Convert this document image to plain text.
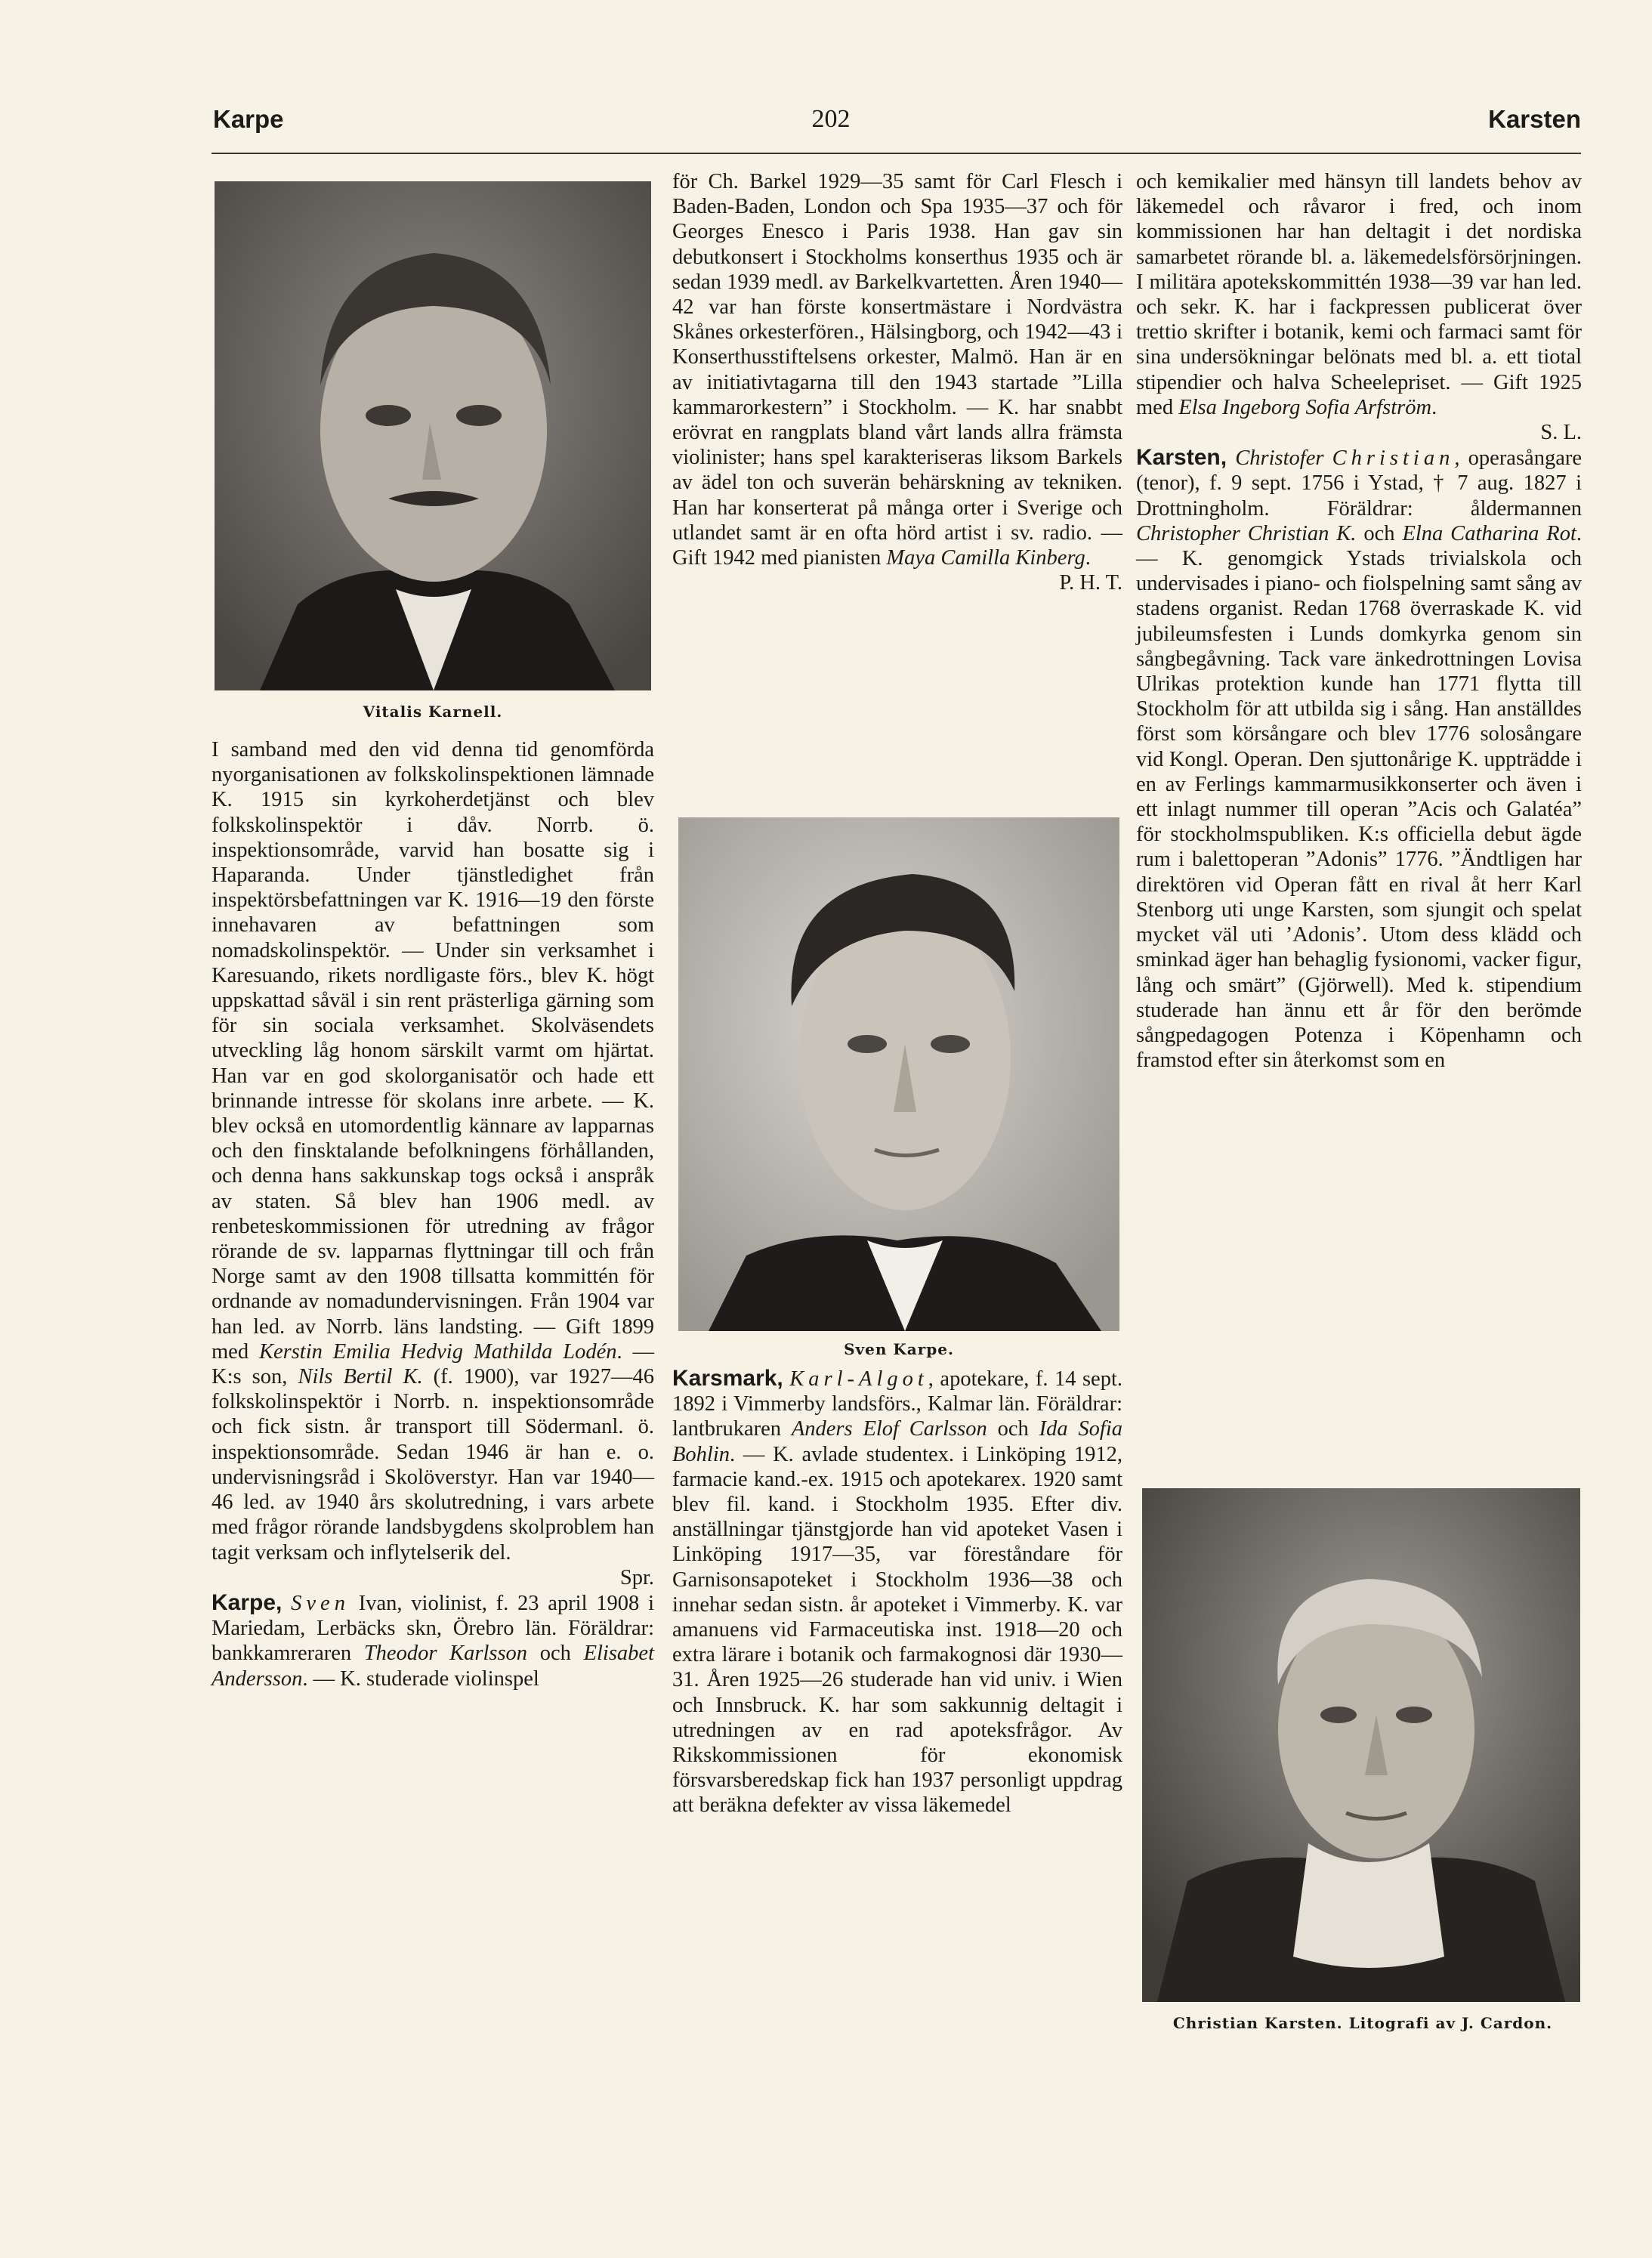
Karpe	202	Karsten
Vitalis Karnell.

I samband med den vid denna tid genomförda nyorganisationen av folkskolinspektionen lämnade K. 1915 sin kyrkoherdetjänst och blev folkskolinspektör i dåv. Norrb. ö. inspektionsområde, varvid han bosatte sig i Haparanda. Under tjänstledighet från inspektörsbefattningen var K. 1916—19 den förste innehavaren av befattningen som nomadskolinspektör. — Under sin verksamhet i Karesuando, rikets nordligaste förs., blev K. högt uppskattad såväl i sin rent prästerliga gärning som för sin sociala verksamhet. Skolväsendets utveckling låg honom särskilt varmt om hjärtat. Han var en god skolorganisatör och hade ett brinnande intresse för skolans inre arbete. — K. blev också en utomordentlig kännare av lapparnas och den finsktalande befolkningens förhållanden, och denna hans sakkunskap togs också i anspråk av staten. Så blev han 1906 medl. av renbeteskommissionen för utredning av frågor rörande de sv. lapparnas flyttningar till och från Norge samt av den 1908 tillsatta kommittén för ordnande av nomadundervisningen. Från 1904 var han led. av Norrb. läns landsting. — Gift 1899 med Kerstin Emilia Hedvig Mathilda Lodén. — K:s son, Nils Bertil K. (f. 1900), var 1927—46 folkskolinspektör i Norrb. n. inspektionsområde och fick sistn. år transport till Södermanl. ö. inspektionsområde. Sedan 1946 är han e. o. undervisningsråd i Skolöverstyr. Han var 1940—46 led. av 1940 års skolutredning, i vars arbete med frågor rörande landsbygdens skolproblem han tagit verksam och inflytelserik del.
Spr.

Karpe, Sven Ivan, violinist, f. 23 april 1908 i Mariedam, Lerbäcks skn, Örebro län. Föräldrar: bankkamreraren Theodor Karlsson och Elisabet Andersson. — K. studerade violinspel

för Ch. Barkel 1929—35 samt för Carl Flesch i Baden-Baden, London och Spa 1935—37 och för Georges Enesco i Paris 1938. Han gav sin debutkonsert i Stockholms konserthus 1935 och är sedan 1939 medl. av Barkelkvartetten. Åren 1940—42 var han förste konsertmästare i Nordvästra Skånes orkesterfören., Hälsingborg, och 1942—43 i Konserthusstiftelsens orkester, Malmö. Han är en av initiativtagarna till den 1943 startade ”Lilla kammarorkestern” i Stockholm. — K. har snabbt erövrat en rangplats bland vårt lands allra främsta violinister; hans spel karakteriseras liksom Barkels av ädel ton och suverän behärskning av tekniken. Han har konserterat på många orter i Sverige och utlandet samt är en ofta hörd artist i sv. radio. — Gift 1942 med pianisten Maya Camilla Kinberg.
P. H. T.

Sven Karpe.

Karsmark, Karl-Algot, apotekare, f. 14 sept. 1892 i Vimmerby landsförs., Kalmar län. Föräldrar: lantbrukaren Anders Elof Carlsson och Ida Sofia Bohlin. — K. avlade studentex. i Linköping 1912, farmacie kand.-ex. 1915 och apotekarex. 1920 samt blev fil. kand. i Stockholm 1935. Efter div. anställningar tjänstgjorde han vid apoteket Vasen i Linköping 1917—35, var föreståndare för Garnisonsapoteket i Stockholm 1936—38 och innehar sedan sistn. år apoteket i Vimmerby. K. var amanuens vid Farmaceutiska inst. 1918—20 och extra lärare i botanik och farmakognosi där 1930—31. Åren 1925—26 studerade han vid univ. i Wien och Innsbruck. K. har som sakkunnig deltagit i utredningen av en rad apoteksfrågor. Av Rikskommissionen för ekonomisk försvarsberedskap fick han 1937 personligt uppdrag att beräkna defekter av vissa läkemedel

och kemikalier med hänsyn till landets behov av läkemedel och råvaror i fred, och inom kommissionen har han deltagit i det nordiska samarbetet rörande bl. a. läkemedelsförsörjningen. I militära apotekskommittén 1938—39 var han led. och sekr. K. har i fackpressen publicerat över trettio skrifter i botanik, kemi och farmaci samt för sina undersökningar belönats med bl. a. ett tiotal stipendier och halva Scheelepriset. — Gift 1925 med Elsa Ingeborg Sofia Arfström.
S. L.

Karsten, Christofer Christian, operasångare (tenor), f. 9 sept. 1756 i Ystad, † 7 aug. 1827 i Drottningholm. Föräldrar: åldermannen Christopher Christian K. och Elna Catharina Rot. — K. genomgick Ystads trivialskola och undervisades i piano- och fiolspelning samt sång av stadens organist. Redan 1768 överraskade K. vid jubileumsfesten i Lunds domkyrka genom sin sångbegåvning. Tack vare änkedrottningen Lovisa Ulrikas protektion kunde han 1771 flytta till Stockholm för att utbilda sig i sång. Han anställdes först som körsångare och blev 1776 solosångare vid Kongl. Operan. Den sjuttonårige K. uppträdde i en av Ferlings kammarmusikkonserter och även i ett inlagt nummer till operan ”Acis och Galatéa” för stockholmspubliken. K:s officiella debut ägde rum i balettoperan ”Adonis” 1776. ”Ändtligen har direktören vid Operan fått en rival åt herr Karl Stenborg uti unge Karsten, som sjungit och spelat mycket väl uti ’Adonis’. Utom dess klädd och sminkad äger han behaglig fysionomi, vacker figur, lång och smärt” (Gjörwell). Med k. stipendium studerade han ännu ett år för den berömde sångpedagogen Potenza i Köpenhamn och framstod efter sin återkomst som en

Christian Karsten. Litografi av J. Cardon.
